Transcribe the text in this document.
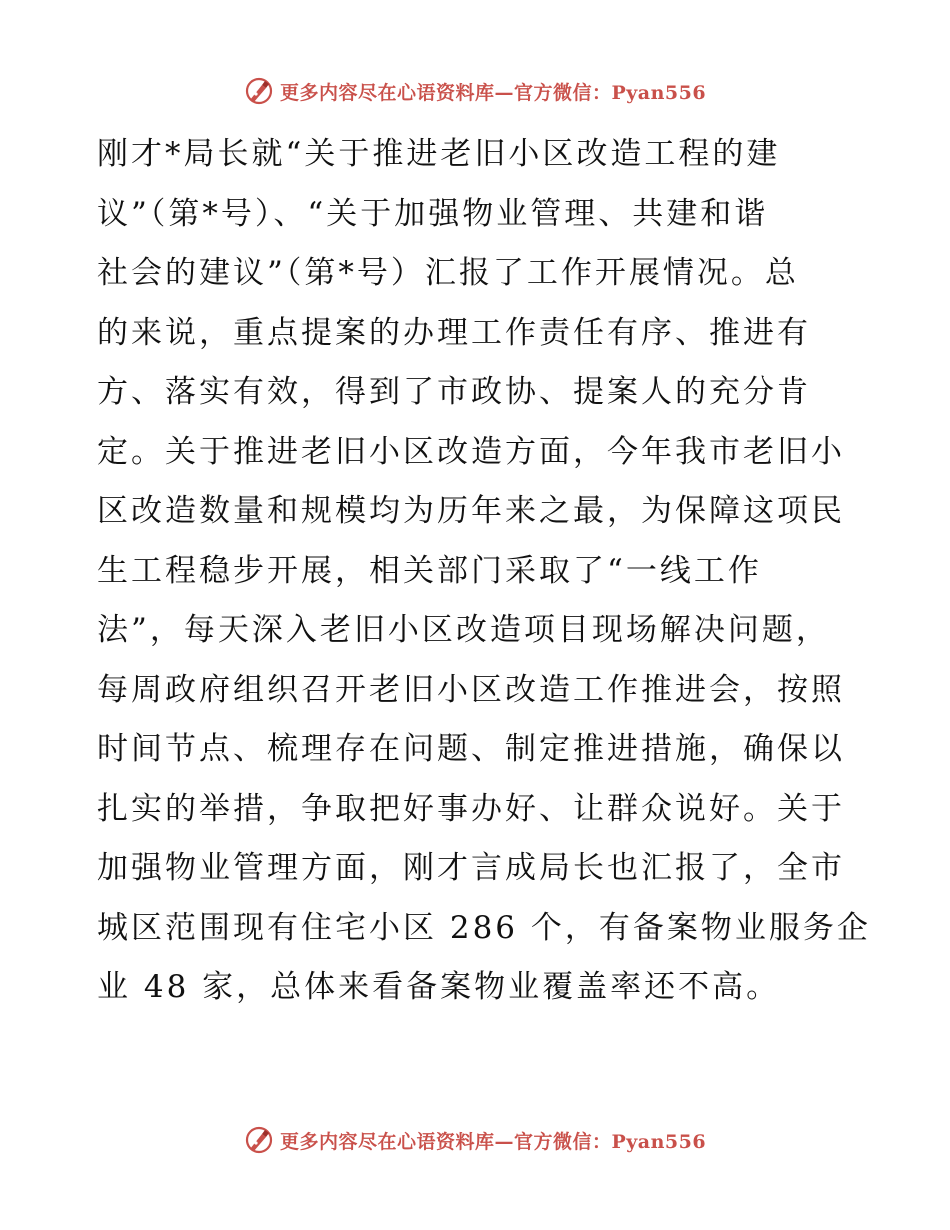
更多内容尽在心语资料库—官方微信：Pyan556
刚才*局长就“关于推进老旧小区改造工程的建
议”（第*号）、“关于加强物业管理、共建和谐
社会的建议”（第*号）汇报了工作开展情况。总
的来说，重点提案的办理工作责任有序、推进有
方、落实有效，得到了市政协、提案人的充分肯
定。关于推进老旧小区改造方面，今年我市老旧小
区改造数量和规模均为历年来之最，为保障这项民
生工程稳步开展，相关部门采取了“一线工作
法”，每天深入老旧小区改造项目现场解决问题，
每周政府组织召开老旧小区改造工作推进会，按照
时间节点、梳理存在问题、制定推进措施，确保以
扎实的举措，争取把好事办好、让群众说好。关于
加强物业管理方面，刚才言成局长也汇报了，全市
城区范围现有住宅小区 286 个，有备案物业服务企
业 48 家，总体来看备案物业覆盖率还不高。
更多内容尽在心语资料库—官方微信：Pyan556
